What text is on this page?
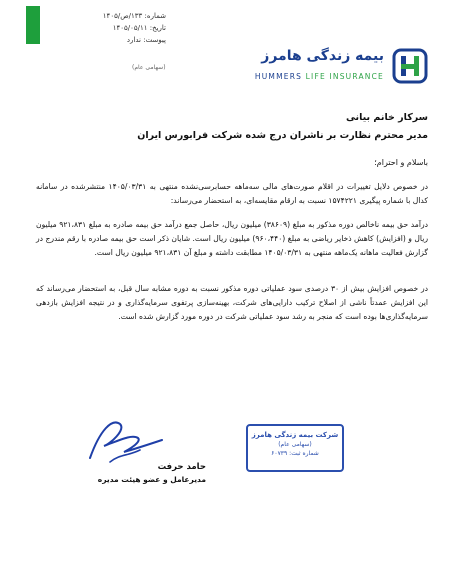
شماره: ۱۳۳/ص/۱۴۰۵
تاریخ: ۱۴۰۵/۰۵/۱۱
پیوست: ندارد
بیمه زندگی هامرز
HUMMERS LIFE INSURANCE
(سهامی عام)
سرکار خانم بیانی
مدیر محترم نظارت بر ناشران درج شده شرکت فرابورس ایران
باسلام و احترام؛
در خصوص دلایل تغییرات در اقلام صورت‌های مالی سه‌ماهه حسابرسی‌نشده منتهی به ۱۴۰۵/۰۳/۳۱ منتشرشده در سامانه کدال با شماره پیگیری ۱۵۷۴۲۲۱ نسبت به ارقام مقایسه‌ای، به استحضار می‌رساند:
درآمد حق بیمه ناخالص دوره مذکور به مبلغ (۳۸۶۰۹) میلیون ریال، حاصل جمع درآمد حق بیمه صادره به مبلغ ۹۲۱،۸۳۱ میلیون ریال و (افزایش) کاهش ذخایر ریاضی به مبلغ (۹۶۰،۴۴۰) میلیون ریال است. شایان ذکر است حق بیمه صادره با رقم مندرج در گزارش فعالیت ماهانه یک‌ماهه منتهی به ۱۴۰۵/۰۳/۳۱ مطابقت داشته و مبلغ آن ۹۲۱،۸۳۱ میلیون ریال است.
در خصوص افزایش بیش از ۳۰ درصدی سود عملیاتی دوره مذکور نسبت به دوره مشابه سال قبل، به استحضار می‌رساند که این افزایش عمدتاً ناشی از اصلاح ترکیب دارایی‌های شرکت، بهینه‌سازی پرتفوی سرمایه‌گذاری و در نتیجه افزایش بازدهی سرمایه‌گذاری‌ها بوده است که منجر به رشد سود عملیاتی شرکت در دوره مورد گزارش شده است.
شرکت بیمه زندگی هامرز
(سهامی عام)
شماره ثبت: ۶۰۷۳۹
حامد حرفت
مدیرعامل و عضو هیئت مدیره
